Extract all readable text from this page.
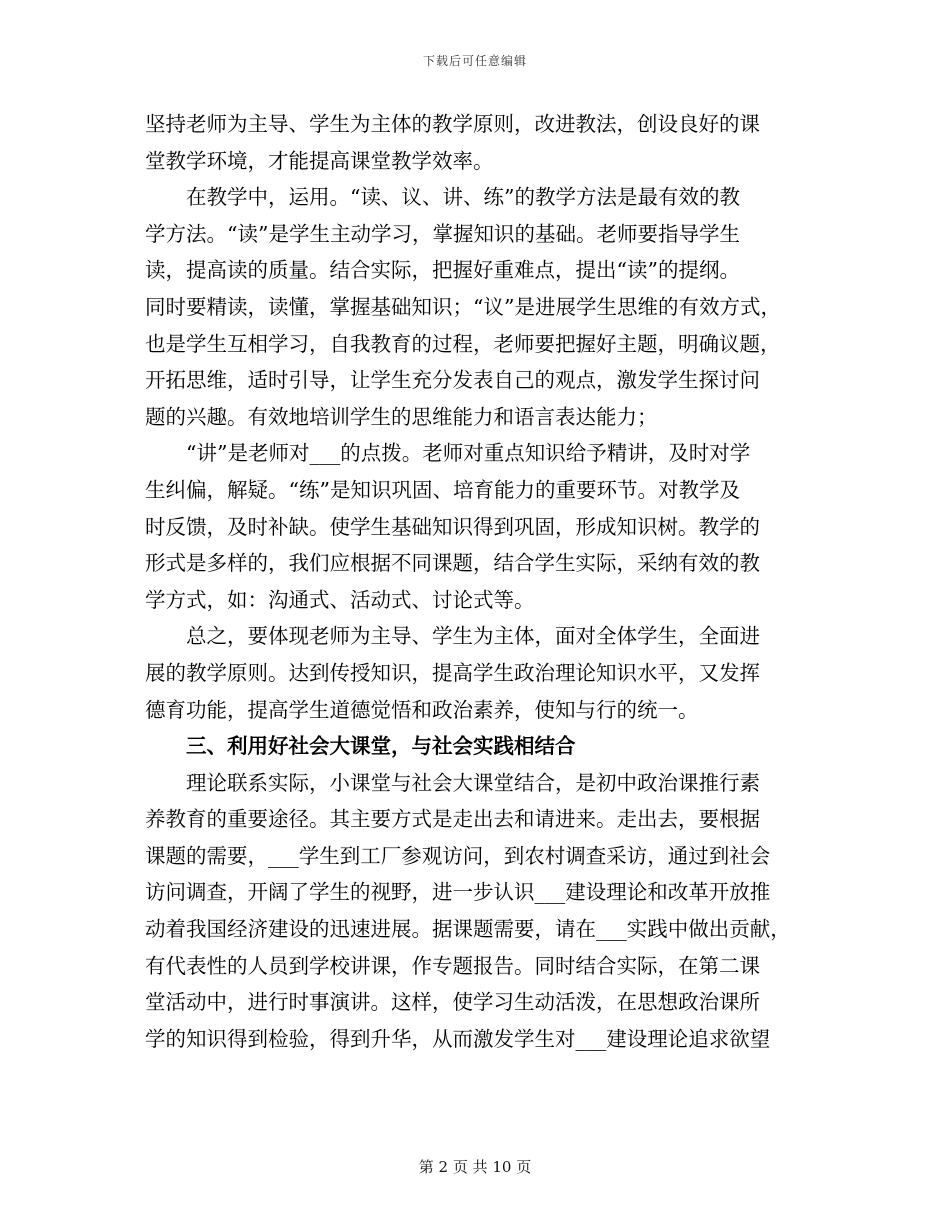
下载后可任意编辑
坚持老师为主导、学生为主体的教学原则，改进教法，创设良好的课
堂教学环境，才能提高课堂教学效率。
在教学中，运用。“读、议、讲、练”的教学方法是最有效的教
学方法。“读”是学生主动学习，掌握知识的基础。老师要指导学生
读，提高读的质量。结合实际，把握好重难点，提出“读”的提纲。
同时要精读，读懂，掌握基础知识；“议”是进展学生思维的有效方式，
也是学生互相学习，自我教育的过程，老师要把握好主题，明确议题，
开拓思维，适时引导，让学生充分发表自己的观点，激发学生探讨问
题的兴趣。有效地培训学生的思维能力和语言表达能力；
“讲”是老师对___的点拨。老师对重点知识给予精讲，及时对学
生纠偏，解疑。“练”是知识巩固、培育能力的重要环节。对教学及
时反馈，及时补缺。使学生基础知识得到巩固，形成知识树。教学的
形式是多样的，我们应根据不同课题，结合学生实际，采纳有效的教
学方式，如：沟通式、活动式、讨论式等。
总之，要体现老师为主导、学生为主体，面对全体学生，全面进
展的教学原则。达到传授知识，提高学生政治理论知识水平，又发挥
德育功能，提高学生道德觉悟和政治素养，使知与行的统一。
三、利用好社会大课堂，与社会实践相结合
理论联系实际，小课堂与社会大课堂结合，是初中政治课推行素
养教育的重要途径。其主要方式是走出去和请进来。走出去，要根据
课题的需要，___学生到工厂参观访问，到农村调查采访，通过到社会
访问调查，开阔了学生的视野，进一步认识___建设理论和改革开放推
动着我国经济建设的迅速进展。据课题需要，请在___实践中做出贡献，
有代表性的人员到学校讲课，作专题报告。同时结合实际，在第二课
堂活动中，进行时事演讲。这样，使学习生动活泼，在思想政治课所
学的知识得到检验，得到升华，从而激发学生对___建设理论追求欲望
第 2 页 共 10 页
